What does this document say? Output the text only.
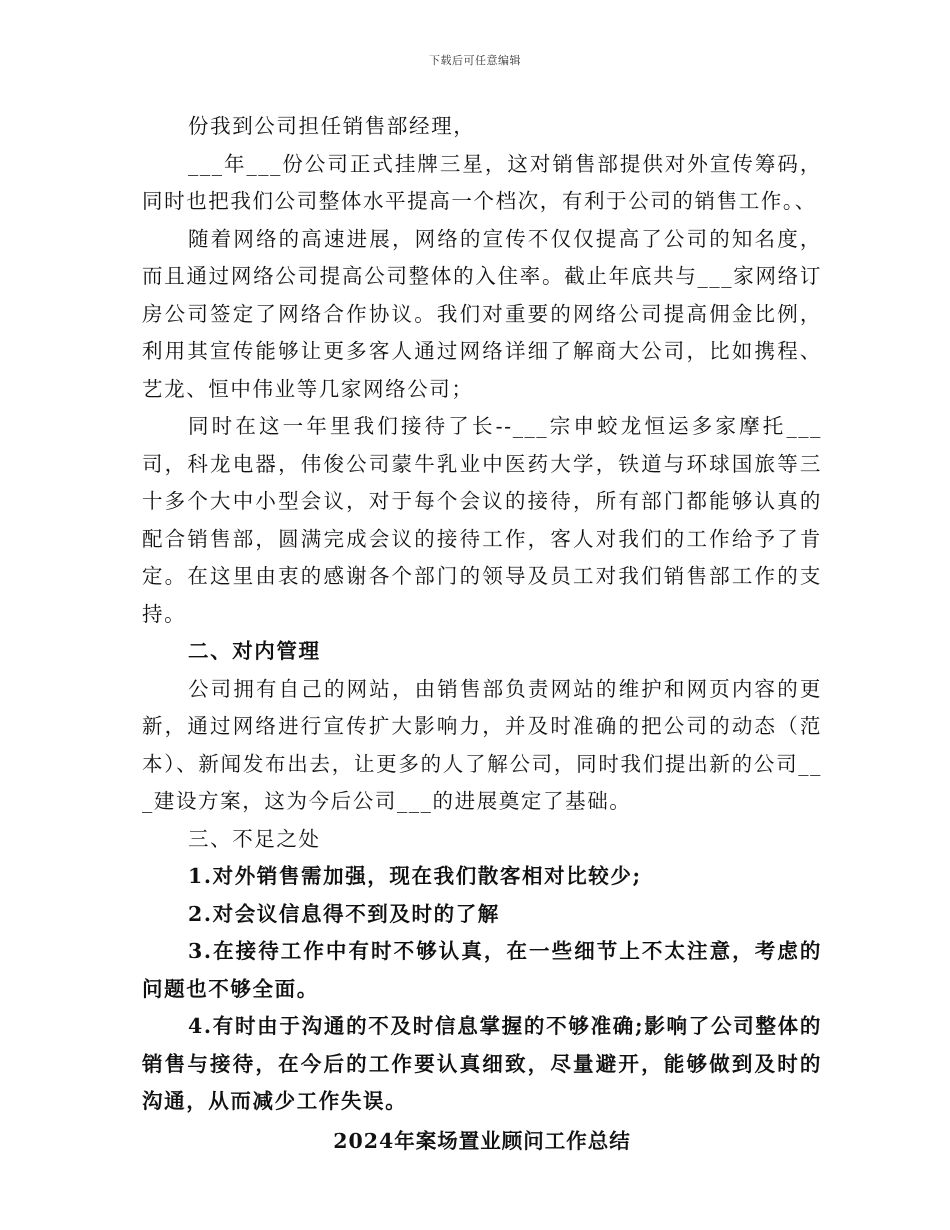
下载后可任意编辑

份我到公司担任销售部经理，

___年___份公司正式挂牌三星，这对销售部提供对外宣传筹码，同时也把我们公司整体水平提高一个档次，有利于公司的销售工作。、

随着网络的高速进展，网络的宣传不仅仅提高了公司的知名度，而且通过网络公司提高公司整体的入住率。截止年底共与___家网络订房公司签定了网络合作协议。我们对重要的网络公司提高佣金比例，利用其宣传能够让更多客人通过网络详细了解商大公司，比如携程、艺龙、恒中伟业等几家网络公司；

同时在这一年里我们接待了长--___宗申蛟龙恒运多家摩托___司，科龙电器，伟俊公司蒙牛乳业中医药大学，铁道与环球国旅等三十多个大中小型会议，对于每个会议的接待，所有部门都能够认真的配合销售部，圆满完成会议的接待工作，客人对我们的工作给予了肯定。在这里由衷的感谢各个部门的领导及员工对我们销售部工作的支持。

二、对内管理

公司拥有自己的网站，由销售部负责网站的维护和网页内容的更新，通过网络进行宣传扩大影响力，并及时准确的把公司的动态（范本）、新闻发布出去，让更多的人了解公司，同时我们提出新的公司___建设方案，这为今后公司___的进展奠定了基础。

三、不足之处

1.对外销售需加强，现在我们散客相对比较少;

2.对会议信息得不到及时的了解

3.在接待工作中有时不够认真，在一些细节上不太注意，考虑的问题也不够全面。

4.有时由于沟通的不及时信息掌握的不够准确;影响了公司整体的销售与接待，在今后的工作要认真细致，尽量避开，能够做到及时的沟通，从而减少工作失误。

2024年案场置业顾问工作总结
